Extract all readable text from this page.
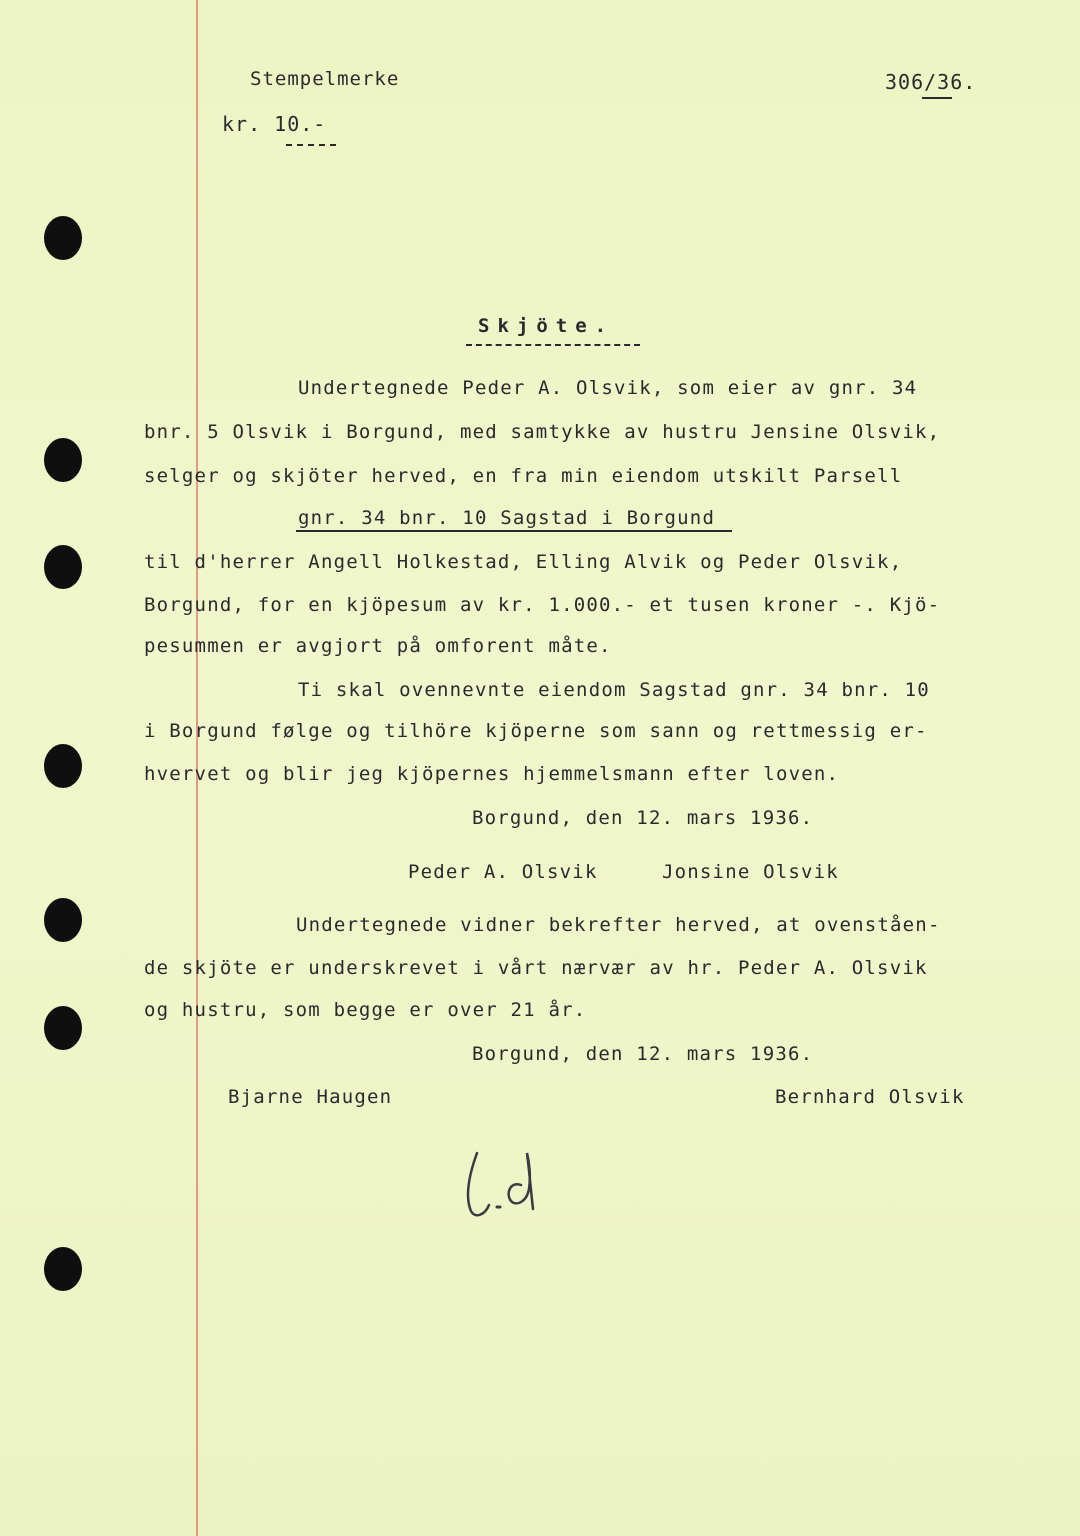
Stempelmerke
kr. 10.-
306/36.
Skjöte.
Undertegnede Peder A. Olsvik, som eier av gnr. 34
bnr. 5 Olsvik i Borgund, med samtykke av hustru Jensine Olsvik,
selger og skjöter herved, en fra min eiendom utskilt Parsell
gnr. 34 bnr. 10 Sagstad i Borgund
til d'herrer Angell Holkestad, Elling Alvik og Peder Olsvik,
Borgund, for en kjöpesum av kr. 1.000.- et tusen kroner -. Kjö-
pesummen er avgjort på omforent måte.
Ti skal ovennevnte eiendom Sagstad gnr. 34 bnr. 10
i Borgund følge og tilhöre kjöperne som sann og rettmessig er-
hvervet og blir jeg kjöpernes hjemmelsmann efter loven.
Borgund, den 12. mars 1936.
Peder A. Olsvik	Jonsine Olsvik
Undertegnede vidner bekrefter herved, at ovenståen-
de skjöte er underskrevet i vårt nærvær av hr. Peder A. Olsvik
og hustru, som begge er over 21 år.
Borgund, den 12. mars 1936.
Bjarne Haugen	Bernhard Olsvik
